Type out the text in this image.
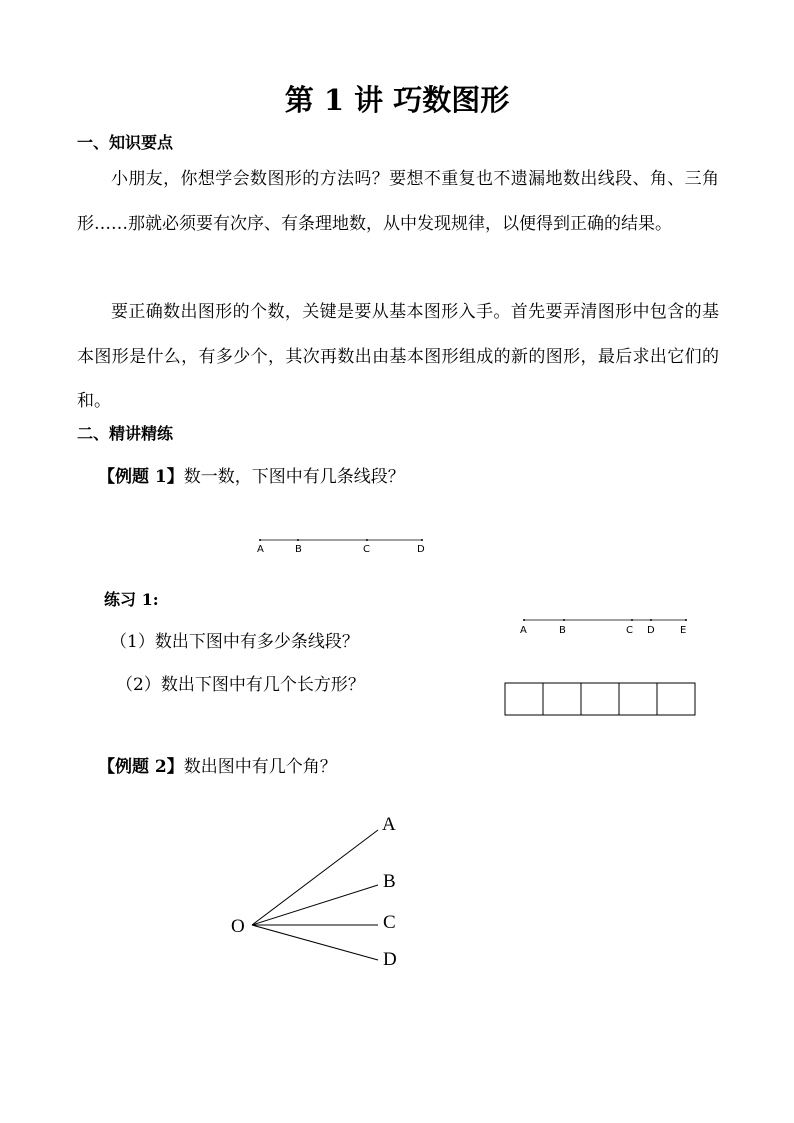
第 1 讲 巧数图形
一、知识要点

小朋友，你想学会数图形的方法吗？要想不重复也不遗漏地数出线段、角、三角形……那就必须要有次序、有条理地数，从中发现规律，以便得到正确的结果。

要正确数出图形的个数，关键是要从基本图形入手。首先要弄清图形中包含的基本图形是什么，有多少个，其次再数出由基本图形组成的新的图形，最后求出它们的和。

二、精讲精练
【例题 1】数一数，下图中有几条线段？
A	B	C	D
练习 1:
（1）数出下图中有多少条线段？
（2）数出下图中有几个长方形？
A	B	C D	E
【例题 2】数出图中有几个角？
O
A
B
C
D
